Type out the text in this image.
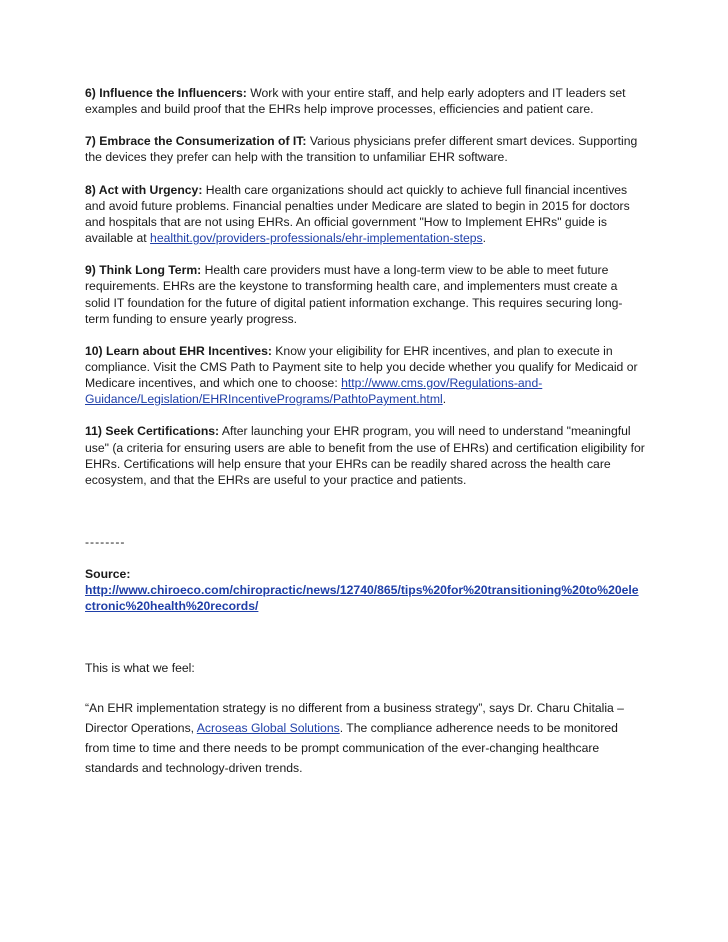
6) Influence the Influencers: Work with your entire staff, and help early adopters and IT leaders set examples and build proof that the EHRs help improve processes, efficiencies and patient care.

7) Embrace the Consumerization of IT: Various physicians prefer different smart devices. Supporting the devices they prefer can help with the transition to unfamiliar EHR software.

8) Act with Urgency: Health care organizations should act quickly to achieve full financial incentives and avoid future problems. Financial penalties under Medicare are slated to begin in 2015 for doctors and hospitals that are not using EHRs. An official government "How to Implement EHRs" guide is available at healthit.gov/providers-professionals/ehr-implementation-steps.

9) Think Long Term: Health care providers must have a long-term view to be able to meet future requirements. EHRs are the keystone to transforming health care, and implementers must create a solid IT foundation for the future of digital patient information exchange. This requires securing long-term funding to ensure yearly progress.

10) Learn about EHR Incentives: Know your eligibility for EHR incentives, and plan to execute in compliance. Visit the CMS Path to Payment site to help you decide whether you qualify for Medicaid or Medicare incentives, and which one to choose: http://www.cms.gov/Regulations-and-Guidance/Legislation/EHRIncentivePrograms/PathtoPayment.html.

11) Seek Certifications: After launching your EHR program, you will need to understand "meaningful use" (a criteria for ensuring users are able to benefit from the use of EHRs) and certification eligibility for EHRs. Certifications will help ensure that your EHRs can be readily shared across the health care ecosystem, and that the EHRs are useful to your practice and patients.

--------
Source:
http://www.chiroeco.com/chiropractic/news/12740/865/tips%20for%20transitioning%20to%20electronic%20health%20records/
This is what we feel:

“An EHR implementation strategy is no different from a business strategy”, says Dr. Charu Chitalia – Director Operations, Acroseas Global Solutions. The compliance adherence needs to be monitored from time to time and there needs to be prompt communication of the ever-changing healthcare standards and technology-driven trends.
